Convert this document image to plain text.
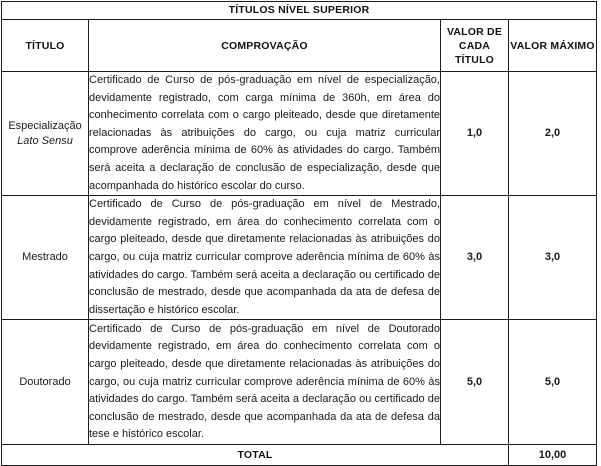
TÍTULOS NÍVEL SUPERIOR			

TÍTULO	COMPROVAÇÃO	VALOR DE CADA TÍTULO	VALOR MÁXIMO

Especialização
Lato Sensu	Certificado de Curso de pós-graduação em nível de especialização, devidamente registrado, com carga mínima de 360h, em área do conhecimento correlata com o cargo pleiteado, desde que diretamente relacionadas às atribuições do cargo, ou cuja matriz curricular comprove aderência mínima de 60% às atividades do cargo. Também será aceita a declaração de conclusão de especialização, desde que acompanhada do histórico escolar do curso.	1,0	2,0

Mestrado	Certificado de Curso de pós-graduação em nível de Mestrado, devidamente registrado, em área do conhecimento correlata com o cargo pleiteado, desde que diretamente relacionadas às atribuições do cargo, ou cuja matriz curricular comprove aderência mínima de 60% às atividades do cargo. Também será aceita a declaração ou certificado de conclusão de mestrado, desde que acompanhada da ata de defesa de dissertação e histórico escolar.	3,0	3,0

Doutorado	Certificado de Curso de pós-graduação em nível de Doutorado devidamente registrado, em área do conhecimento correlata com o cargo pleiteado, desde que diretamente relacionadas às atribuições do cargo, ou cuja matriz curricular comprove aderência mínima de 60% às atividades do cargo. Também será aceita a declaração ou certificado de conclusão de mestrado, desde que acompanhada da ata de defesa da tese e histórico escolar.	5,0	5,0

TOTAL			10,00
